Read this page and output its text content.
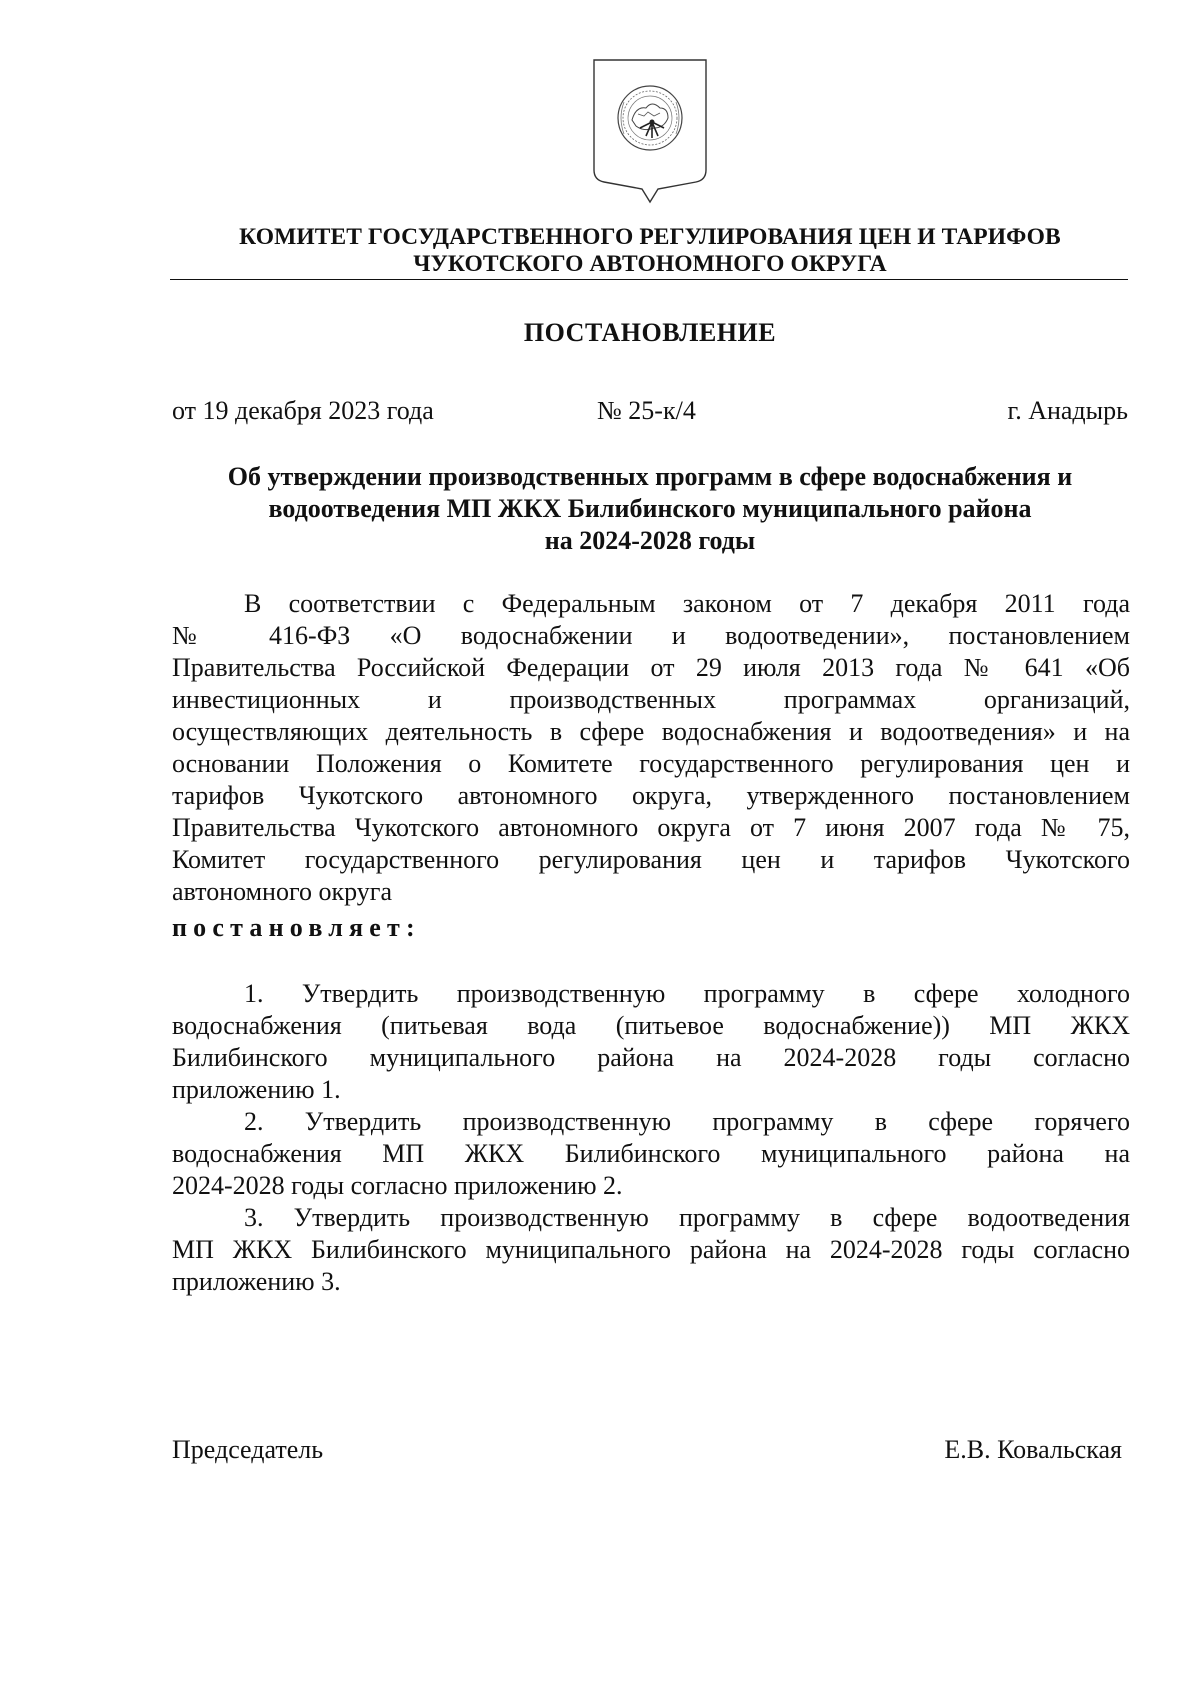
КОМИТЕТ ГОСУДАРСТВЕННОГО РЕГУЛИРОВАНИЯ ЦЕН И ТАРИФОВ
ЧУКОТСКОГО АВТОНОМНОГО ОКРУГА
ПОСТАНОВЛЕНИЕ
от 19 декабря 2023 года	№ 25-к/4	г. Анадырь
Об утверждении производственных программ в сфере водоснабжения и
водоотведения МП ЖКХ Билибинского муниципального района
на 2024-2028 годы
В соответствии с Федеральным законом от 7 декабря 2011 года
№ 416-ФЗ «О водоснабжении и водоотведении», постановлением
Правительства Российской Федерации от 29 июля 2013 года № 641 «Об
инвестиционных и производственных программах организаций,
осуществляющих деятельность в сфере водоснабжения и водоотведения» и на
основании Положения о Комитете государственного регулирования цен и
тарифов Чукотского автономного округа, утвержденного постановлением
Правительства Чукотского автономного округа от 7 июня 2007 года № 75,
Комитет государственного регулирования цен и тарифов Чукотского
автономного округа
постановляет:
1. Утвердить производственную программу в сфере холодного
водоснабжения (питьевая вода (питьевое водоснабжение)) МП ЖКХ
Билибинского муниципального района на 2024-2028 годы согласно
приложению 1.
2. Утвердить производственную программу в сфере горячего
водоснабжения МП ЖКХ Билибинского муниципального района на
2024-2028 годы согласно приложению 2.
3. Утвердить производственную программу в сфере водоотведения
МП ЖКХ Билибинского муниципального района на 2024-2028 годы согласно
приложению 3.
Председатель	Е.В. Ковальская
